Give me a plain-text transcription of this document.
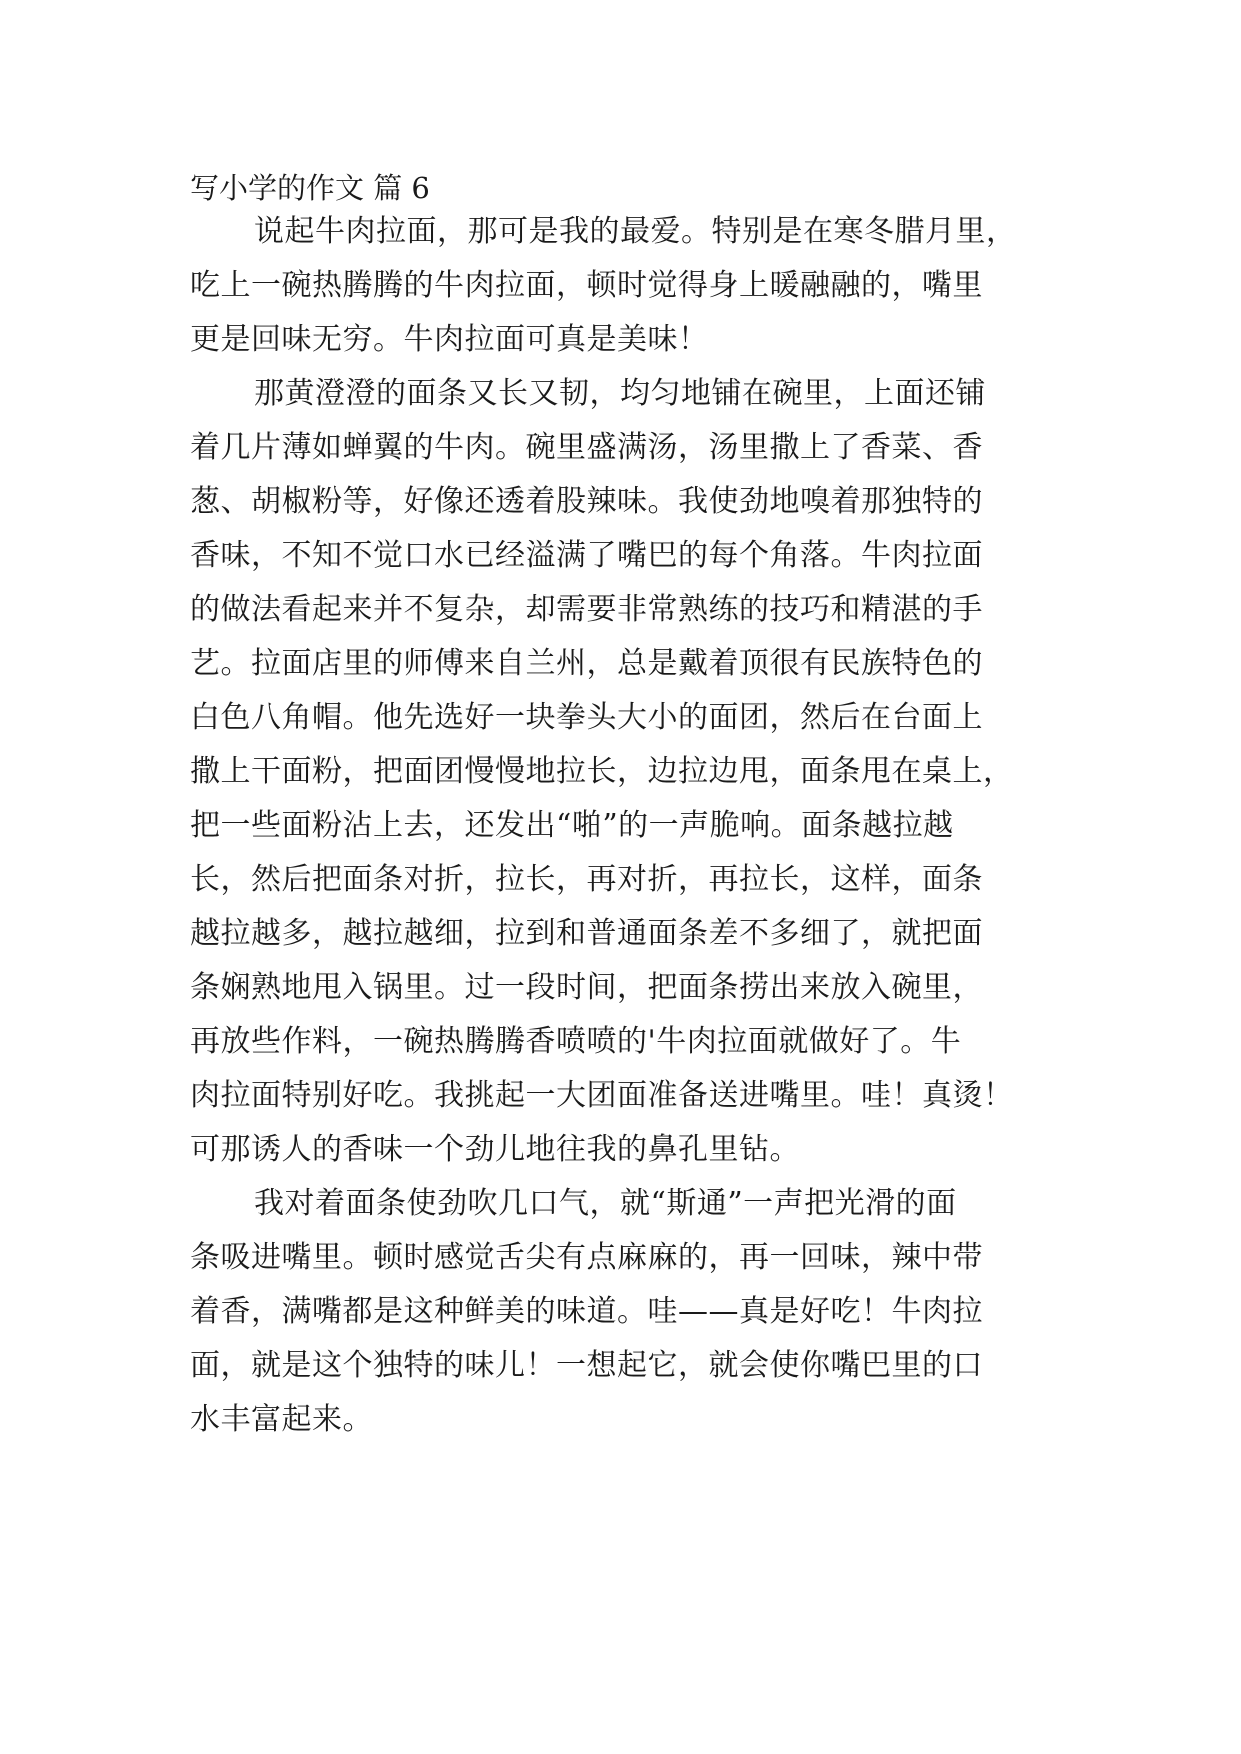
写小学的作文 篇 6
说起牛肉拉面，那可是我的最爱。特别是在寒冬腊月里，
吃上一碗热腾腾的牛肉拉面，顿时觉得身上暖融融的，嘴里
更是回味无穷。牛肉拉面可真是美味！
那黄澄澄的面条又长又韧，均匀地铺在碗里，上面还铺
着几片薄如蝉翼的牛肉。碗里盛满汤，汤里撒上了香菜、香
葱、胡椒粉等，好像还透着股辣味。我使劲地嗅着那独特的
香味，不知不觉口水已经溢满了嘴巴的每个角落。牛肉拉面
的做法看起来并不复杂，却需要非常熟练的技巧和精湛的手
艺。拉面店里的师傅来自兰州，总是戴着顶很有民族特色的
白色八角帽。他先选好一块拳头大小的面团，然后在台面上
撒上干面粉，把面团慢慢地拉长，边拉边甩，面条甩在桌上，
把一些面粉沾上去，还发出“啪”的一声脆响。面条越拉越
长，然后把面条对折，拉长，再对折，再拉长，这样，面条
越拉越多，越拉越细，拉到和普通面条差不多细了，就把面
条娴熟地甩入锅里。过一段时间，把面条捞出来放入碗里，
再放些作料，一碗热腾腾香喷喷的'牛肉拉面就做好了。牛
肉拉面特别好吃。我挑起一大团面准备送进嘴里。哇！真烫！
可那诱人的香味一个劲儿地往我的鼻孔里钻。
我对着面条使劲吹几口气，就“斯通”一声把光滑的面
条吸进嘴里。顿时感觉舌尖有点麻麻的，再一回味，辣中带
着香，满嘴都是这种鲜美的味道。哇——真是好吃！牛肉拉
面，就是这个独特的味儿！一想起它，就会使你嘴巴里的口
水丰富起来。
